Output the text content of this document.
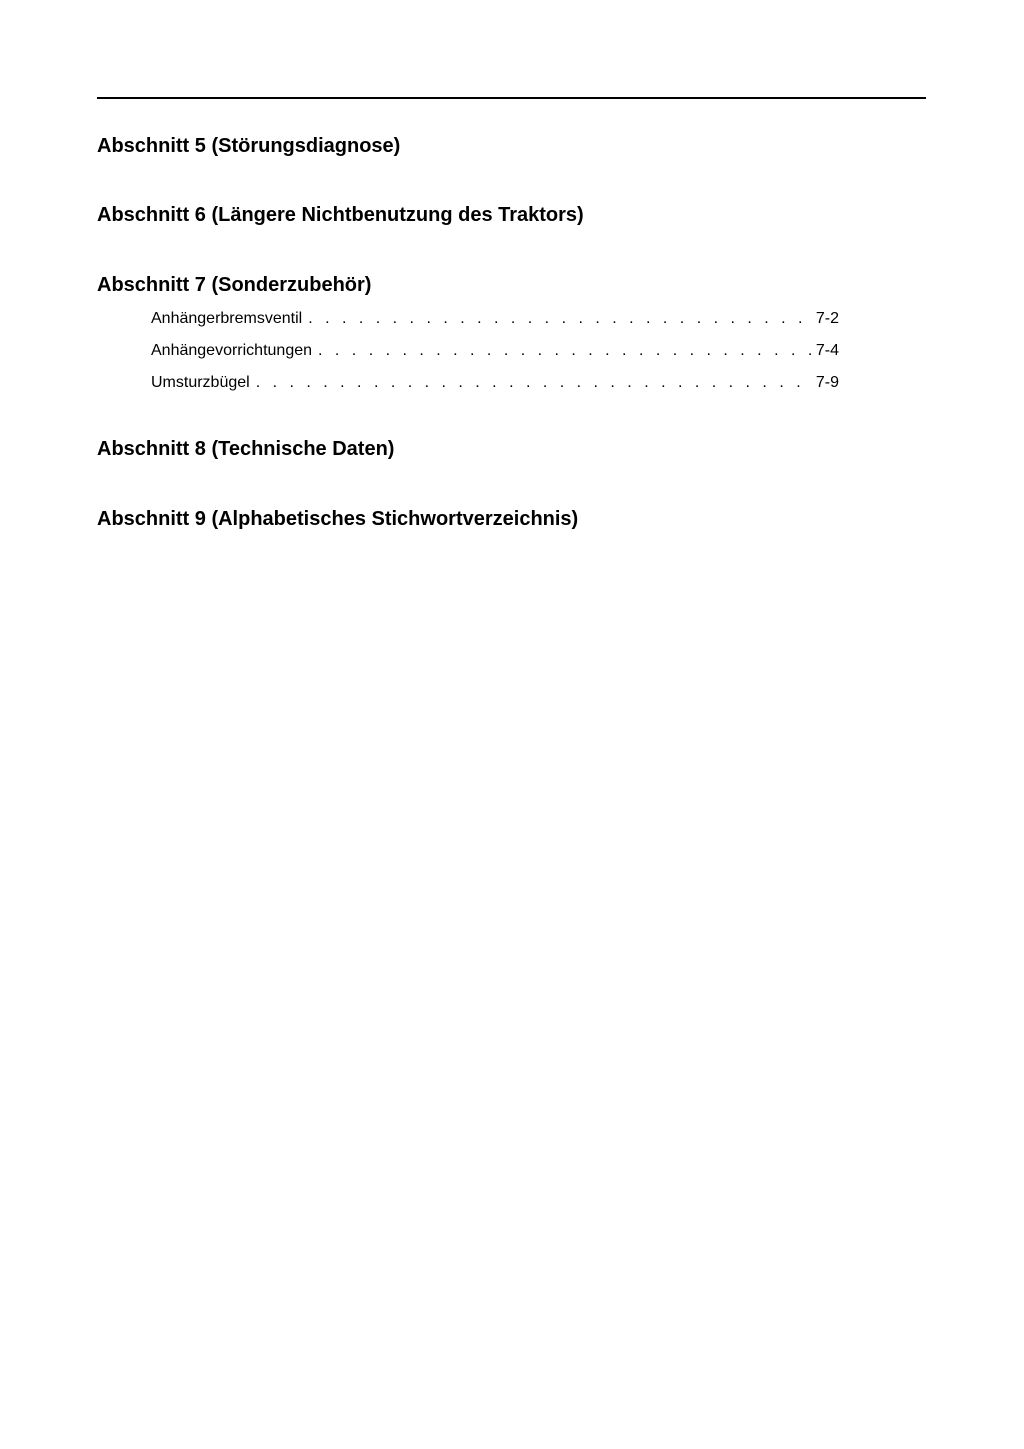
Abschnitt 5 (Störungsdiagnose)
Abschnitt 6 (Längere Nichtbenutzung des Traktors)
Abschnitt 7 (Sonderzubehör)
Anhängerbremsventil . . .	7-2
Anhängevorrichtungen . . .	7-4
Umsturzbügel . . .	7-9
Abschnitt 8 (Technische Daten)
Abschnitt 9 (Alphabetisches Stichwortverzeichnis)
